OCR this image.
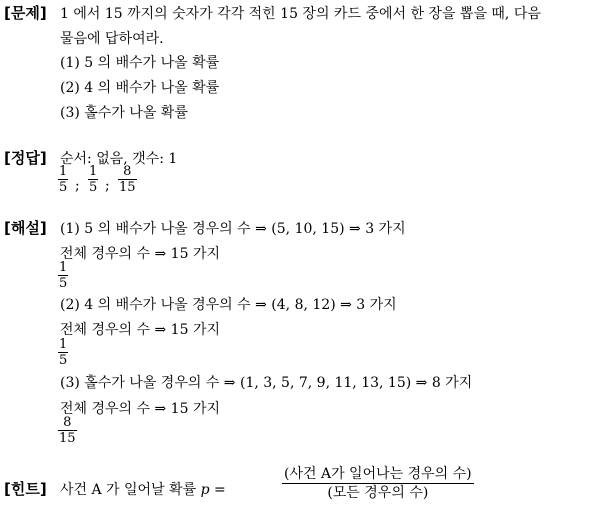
[문제] 1 에서 15 까지의 숫자가 각각 적힌 15 장의 카드 중에서 한 장을 뽑을 때, 다음
물음에 답하여라.
(1) 5 의 배수가 나올 확률
(2) 4 의 배수가 나올 확률
(3) 홀수가 나올 확률
[정답] 순서: 없음, 갯수: 1
$\frac{1}{5}$ ; $\frac{1}{5}$ ; $\frac{8}{15}$
[해설] (1) 5 의 배수가 나올 경우의 수 ⇒ (5, 10, 15) ⇒ 3 가지
전체 경우의 수 ⇒ 15 가지
$\frac{1}{5}$
(2) 4 의 배수가 나올 경우의 수 ⇒ (4, 8, 12) ⇒ 3 가지
전체 경우의 수 ⇒ 15 가지
$\frac{1}{5}$
(3) 홀수가 나올 경우의 수 ⇒ (1, 3, 5, 7, 9, 11, 13, 15) ⇒ 8 가지
전체 경우의 수 ⇒ 15 가지
$\frac{8}{15}$
[힌트] 사건 A 가 일어날 확률 p =
(사건 A가 일어나는 경우의 수)
(모든 경우의 수)
